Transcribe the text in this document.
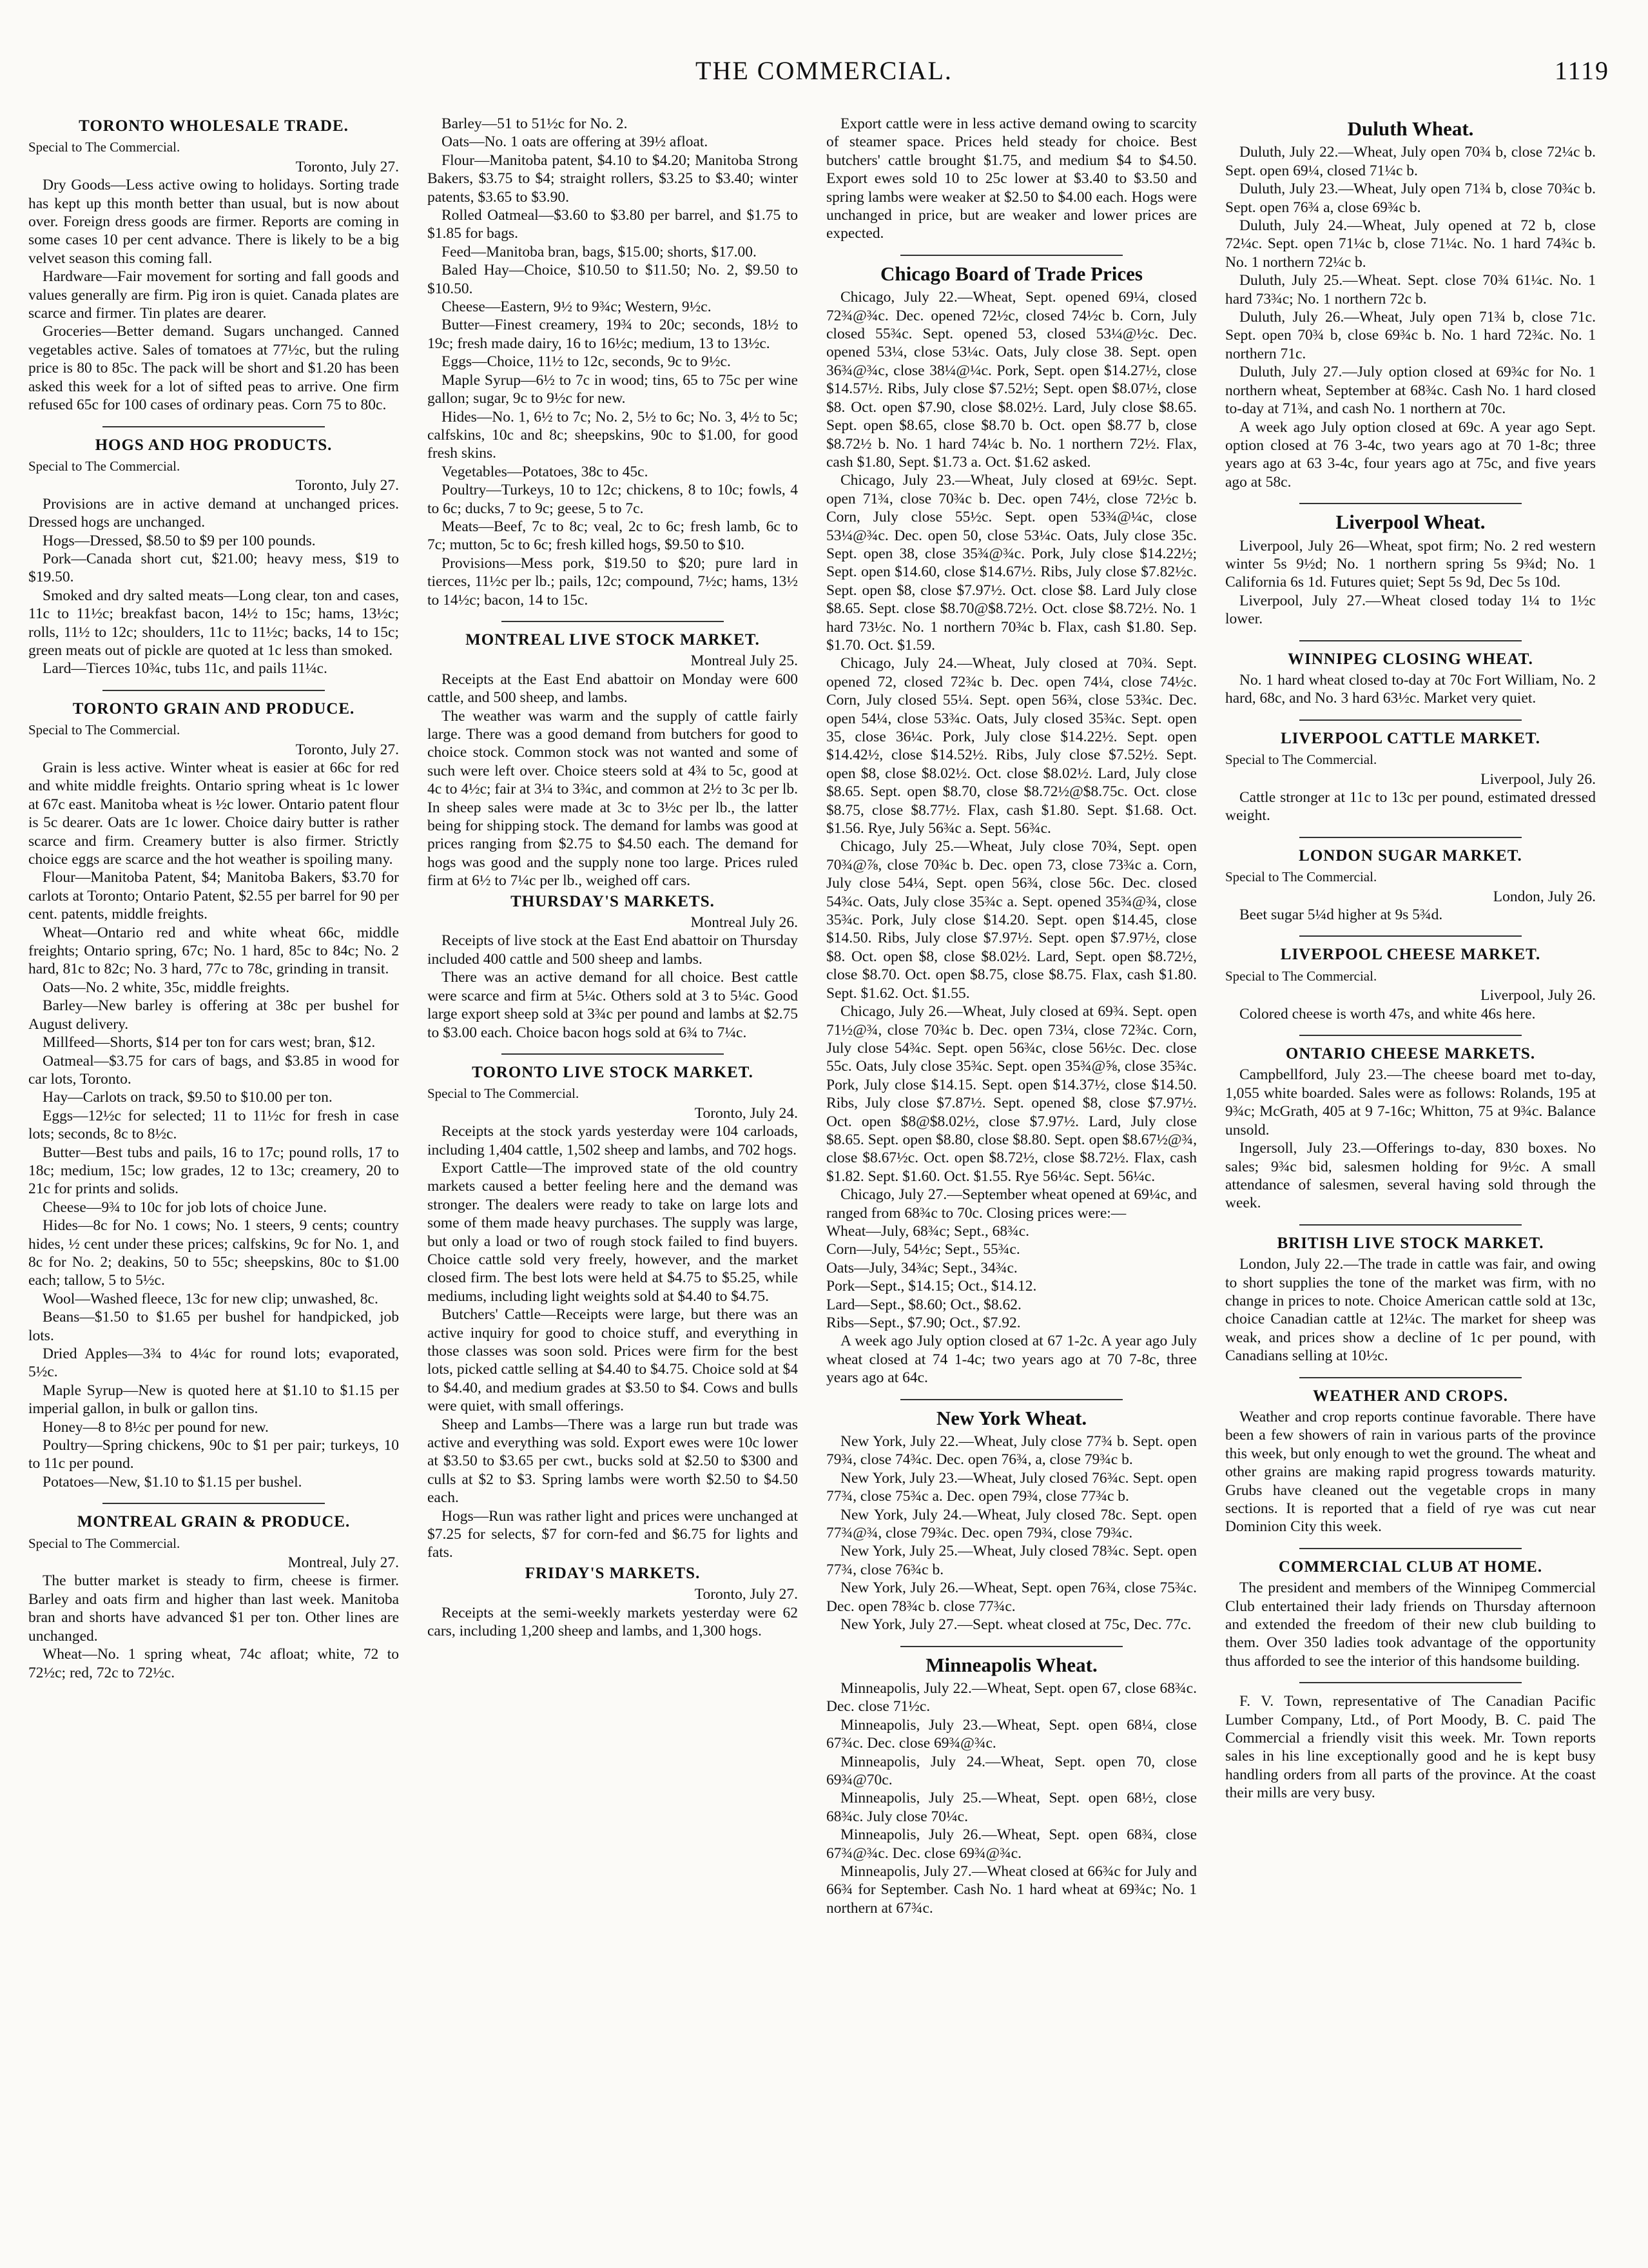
THE COMMERCIAL.	1119
TORONTO WHOLESALE TRADE.
Special to The Commercial.
Toronto, July 27.

Dry Goods—Less active owing to holidays. Sorting trade has kept up this month better than usual, but is now about over. Foreign dress goods are firmer. Reports are coming in some cases 10 per cent advance. There is likely to be a big velvet season this coming fall.

Hardware—Fair movement for sorting and fall goods and values generally are firm. Pig iron is quiet. Canada plates are scarce and firmer. Tin plates are dearer.

Groceries—Better demand. Sugars unchanged. Canned vegetables active. Sales of tomatoes at 77½c, but the ruling price is 80 to 85c. The pack will be short and $1.20 has been asked this week for a lot of sifted peas to arrive. One firm refused 65c for 100 cases of ordinary peas. Corn 75 to 80c.

HOGS AND HOG PRODUCTS.
Special to The Commercial.
Toronto, July 27.

Provisions are in active demand at unchanged prices. Dressed hogs are unchanged.

Hogs—Dressed, $8.50 to $9 per 100 pounds.

Pork—Canada short cut, $21.00; heavy mess, $19 to $19.50.

Smoked and dry salted meats—Long clear, ton and cases, 11c to 11½c; breakfast bacon, 14½ to 15c; hams, 13½c; rolls, 11½ to 12c; shoulders, 11c to 11½c; backs, 14 to 15c; green meats out of pickle are quoted at 1c less than smoked.

Lard—Tierces 10¾c, tubs 11c, and pails 11¼c.

TORONTO GRAIN AND PRODUCE.
Special to The Commercial.
Toronto, July 27.

Grain is less active. Winter wheat is easier at 66c for red and white middle freights. Ontario spring wheat is 1c lower at 67c east. Manitoba wheat is ½c lower. Ontario patent flour is 5c dearer. Oats are 1c lower. Choice dairy butter is rather scarce and firm. Creamery butter is also firmer. Strictly choice eggs are scarce and the hot weather is spoiling many.

Flour—Manitoba Patent, $4; Manitoba Bakers, $3.70 for carlots at Toronto; Ontario Patent, $2.55 per barrel for 90 per cent. patents, middle freights.

Wheat—Ontario red and white wheat 66c, middle freights; Ontario spring, 67c; No. 1 hard, 85c to 84c; No. 2 hard, 81c to 82c; No. 3 hard, 77c to 78c, grinding in transit.

Oats—No. 2 white, 35c, middle freights.

Barley—New barley is offering at 38c per bushel for August delivery.

Millfeed—Shorts, $14 per ton for cars west; bran, $12.

Oatmeal—$3.75 for cars of bags, and $3.85 in wood for car lots, Toronto.

Hay—Carlots on track, $9.50 to $10.00 per ton.

Eggs—12½c for selected; 11 to 11½c for fresh in case lots; seconds, 8c to 8½c.

Butter—Best tubs and pails, 16 to 17c; pound rolls, 17 to 18c; medium, 15c; low grades, 12 to 13c; creamery, 20 to 21c for prints and solids.

Cheese—9¾ to 10c for job lots of choice June.

Hides—8c for No. 1 cows; No. 1 steers, 9 cents; country hides, ½ cent under these prices; calfskins, 9c for No. 1, and 8c for No. 2; deakins, 50 to 55c; sheepskins, 80c to $1.00 each; tallow, 5 to 5½c.

Wool—Washed fleece, 13c for new clip; unwashed, 8c.

Beans—$1.50 to $1.65 per bushel for handpicked, job lots.

Dried Apples—3¾ to 4¼c for round lots; evaporated, 5½c.

Maple Syrup—New is quoted here at $1.10 to $1.15 per imperial gallon, in bulk or gallon tins.

Honey—8 to 8½c per pound for new.

Poultry—Spring chickens, 90c to $1 per pair; turkeys, 10 to 11c per pound.

Potatoes—New, $1.10 to $1.15 per bushel.

MONTREAL GRAIN & PRODUCE.
Special to The Commercial.
Montreal, July 27.

The butter market is steady to firm, cheese is firmer. Barley and oats firm and higher than last week. Manitoba bran and shorts have advanced $1 per ton. Other lines are unchanged.

Wheat—No. 1 spring wheat, 74c afloat; white, 72 to 72½c; red, 72c to 72½c.

Barley—51 to 51½c for No. 2.

Oats—No. 1 oats are offering at 39½ afloat.

Flour—Manitoba patent, $4.10 to $4.20; Manitoba Strong Bakers, $3.75 to $4; straight rollers, $3.25 to $3.40; winter patents, $3.65 to $3.90.

Rolled Oatmeal—$3.60 to $3.80 per barrel, and $1.75 to $1.85 for bags.

Feed—Manitoba bran, bags, $15.00; shorts, $17.00.

Baled Hay—Choice, $10.50 to $11.50; No. 2, $9.50 to $10.50.

Cheese—Eastern, 9½ to 9¾c; Western, 9½c.

Butter—Finest creamery, 19¾ to 20c; seconds, 18½ to 19c; fresh made dairy, 16 to 16½c; medium, 13 to 13½c.

Eggs—Choice, 11½ to 12c, seconds, 9c to 9½c.

Maple Syrup—6½ to 7c in wood; tins, 65 to 75c per wine gallon; sugar, 9c to 9½c for new.

Hides—No. 1, 6½ to 7c; No. 2, 5½ to 6c; No. 3, 4½ to 5c; calfskins, 10c and 8c; sheepskins, 90c to $1.00, for good fresh skins.

Vegetables—Potatoes, 38c to 45c.

Poultry—Turkeys, 10 to 12c; chickens, 8 to 10c; fowls, 4 to 6c; ducks, 7 to 9c; geese, 5 to 7c.

Meats—Beef, 7c to 8c; veal, 2c to 6c; fresh lamb, 6c to 7c; mutton, 5c to 6c; fresh killed hogs, $9.50 to $10.

Provisions—Mess pork, $19.50 to $20; pure lard in tierces, 11½c per lb.; pails, 12c; compound, 7½c; hams, 13½ to 14½c; bacon, 14 to 15c.

MONTREAL LIVE STOCK MARKET.
Montreal July 25.

Receipts at the East End abattoir on Monday were 600 cattle, and 500 sheep, and lambs.

The weather was warm and the supply of cattle fairly large. There was a good demand from butchers for good to choice stock. Common stock was not wanted and some of such were left over. Choice steers sold at 4¾ to 5c, good at 4c to 4½c; fair at 3¼ to 3¾c, and common at 2½ to 3c per lb. In sheep sales were made at 3c to 3½c per lb., the latter being for shipping stock. The demand for lambs was good at prices ranging from $2.75 to $4.50 each. The demand for hogs was good and the supply none too large. Prices ruled firm at 6½ to 7¼c per lb., weighed off cars.

THURSDAY'S MARKETS.
Montreal July 26.

Receipts of live stock at the East End abattoir on Thursday included 400 cattle and 500 sheep and lambs.

There was an active demand for all choice. Best cattle were scarce and firm at 5¼c. Others sold at 3 to 5¼c. Good large export sheep sold at 3¾c per pound and lambs at $2.75 to $3.00 each. Choice bacon hogs sold at 6¾ to 7¼c.

TORONTO LIVE STOCK MARKET.
Special to The Commercial.
Toronto, July 24.

Receipts at the stock yards yesterday were 104 carloads, including 1,404 cattle, 1,502 sheep and lambs, and 702 hogs.

Export Cattle—The improved state of the old country markets caused a better feeling here and the demand was stronger. The dealers were ready to take on large lots and some of them made heavy purchases. The supply was large, but only a load or two of rough stock failed to find buyers. Choice cattle sold very freely, however, and the market closed firm. The best lots were held at $4.75 to $5.25, while mediums, including light weights sold at $4.40 to $4.75.

Butchers' Cattle—Receipts were large, but there was an active inquiry for good to choice stuff, and everything in those classes was soon sold. Prices were firm for the best lots, picked cattle selling at $4.40 to $4.75. Choice sold at $4 to $4.40, and medium grades at $3.50 to $4. Cows and bulls were quiet, with small offerings.

Sheep and Lambs—There was a large run but trade was active and everything was sold. Export ewes were 10c lower at $3.50 to $3.65 per cwt., bucks sold at $2.50 to $300 and culls at $2 to $3. Spring lambs were worth $2.50 to $4.50 each.

Hogs—Run was rather light and prices were unchanged at $7.25 for selects, $7 for corn-fed and $6.75 for lights and fats.

FRIDAY'S MARKETS.
Toronto, July 27.

Receipts at the semi-weekly markets yesterday were 62 cars, including 1,200 sheep and lambs, and 1,300 hogs.

Export cattle were in less active demand owing to scarcity of steamer space. Prices held steady for choice. Best butchers' cattle brought $1.75, and medium $4 to $4.50. Export ewes sold 10 to 25c lower at $3.40 to $3.50 and spring lambs were weaker at $2.50 to $4.00 each. Hogs were unchanged in price, but are weaker and lower prices are expected.

Chicago Board of Trade Prices

Chicago, July 22.—Wheat, Sept. opened 69¼, closed 72¾@¾c. Dec. opened 72½c, closed 74½c b. Corn, July closed 55¾c. Sept. opened 53, closed 53¼@½c. Dec. opened 53¼, close 53¼c. Oats, July close 38. Sept. open 36¾@¾c, close 38¼@¼c. Pork, Sept. open $14.27½, close $14.57½. Ribs, July close $7.52½; Sept. open $8.07½, close $8. Oct. open $7.90, close $8.02½. Lard, July close $8.65. Sept. open $8.65, close $8.70 b. Oct. open $8.77 b, close $8.72½ b. No. 1 hard 74¼c b. No. 1 northern 72½. Flax, cash $1.80, Sept. $1.73 a. Oct. $1.62 asked.

Chicago, July 23.—Wheat, July closed at 69½c. Sept. open 71¾, close 70¾c b. Dec. open 74½, close 72½c b. Corn, July close 55½c. Sept. open 53¾@¼c, close 53¼@¾c. Dec. open 50, close 53¼c. Oats, July close 35c. Sept. open 38, close 35¾@¾c. Pork, July close $14.22½; Sept. open $14.60, close $14.67½. Ribs, July close $7.82½c. Sept. open $8, close $7.97½. Oct. close $8. Lard July close $8.65. Sept. close $8.70@$8.72½. Oct. close $8.72½. No. 1 hard 73½c. No. 1 northern 70¾c b. Flax, cash $1.80. Sep. $1.70. Oct. $1.59.

Chicago, July 24.—Wheat, July closed at 70¾. Sept. opened 72, closed 72¾c b. Dec. open 74¼, close 74½c. Corn, July closed 55¼. Sept. open 56¾, close 53¾c. Dec. open 54¼, close 53¾c. Oats, July closed 35¾c. Sept. open 35, close 36¼c. Pork, July close $14.22½. Sept. open $14.42½, close $14.52½. Ribs, July close $7.52½. Sept. open $8, close $8.02½. Oct. close $8.02½. Lard, July close $8.65. Sept. open $8.70, close $8.72½@$8.75c. Oct. close $8.75, close $8.77½. Flax, cash $1.80. Sept. $1.68. Oct. $1.56. Rye, July 56¾c a. Sept. 56¾c.

Chicago, July 25.—Wheat, July close 70¾, Sept. open 70¾@⅞, close 70¾c b. Dec. open 73, close 73¾c a. Corn, July close 54¼, Sept. open 56¾, close 56c. Dec. closed 54¾c. Oats, July close 35¾c a. Sept. opened 35¾@¾, close 35¾c. Pork, July close $14.20. Sept. open $14.45, close $14.50. Ribs, July close $7.97½. Sept. open $7.97½, close $8. Oct. open $8, close $8.02½. Lard, Sept. open $8.72½, close $8.70. Oct. open $8.75, close $8.75. Flax, cash $1.80. Sept. $1.62. Oct. $1.55.

Chicago, July 26.—Wheat, July closed at 69¾. Sept. open 71½@¾, close 70¾c b. Dec. open 73¼, close 72¾c. Corn, July close 54¾c. Sept. open 56¾c, close 56½c. Dec. close 55c. Oats, July close 35¾c. Sept. open 35¾@⅝, close 35¾c. Pork, July close $14.15. Sept. open $14.37½, close $14.50. Ribs, July close $7.87½. Sept. opened $8, close $7.97½. Oct. open $8@$8.02½, close $7.97½. Lard, July close $8.65. Sept. open $8.80, close $8.80. Sept. open $8.67½@¾, close $8.67½c. Oct. open $8.72½, close $8.72½. Flax, cash $1.82. Sept. $1.60. Oct. $1.55. Rye 56¼c. Sept. 56¼c.

Chicago, July 27.—September wheat opened at 69¼c, and ranged from 68¾c to 70c. Closing prices were:—

Wheat—July, 68¾c; Sept., 68¾c.

Corn—July, 54½c; Sept., 55¾c.

Oats—July, 34¾c; Sept., 34¾c.

Pork—Sept., $14.15; Oct., $14.12.

Lard—Sept., $8.60; Oct., $8.62.

Ribs—Sept., $7.90; Oct., $7.92.

A week ago July option closed at 67 1-2c. A year ago July wheat closed at 74 1-4c; two years ago at 70 7-8c, three years ago at 64c.

New York Wheat.

New York, July 22.—Wheat, July close 77¾ b. Sept. open 79¾, close 74¾c. Dec. open 76¾, a, close 79¾c b.

New York, July 23.—Wheat, July closed 76¾c. Sept. open 77¾, close 75¾c a. Dec. open 79¾, close 77¾c b.

New York, July 24.—Wheat, July closed 78c. Sept. open 77¾@¾, close 79¾c. Dec. open 79¾, close 79¾c.

New York, July 25.—Wheat, July closed 78¾c. Sept. open 77¾, close 76¾c b.

New York, July 26.—Wheat, Sept. open 76¾, close 75¾c. Dec. open 78¾c b. close 77¾c.

New York, July 27.—Sept. wheat closed at 75c, Dec. 77c.

Minneapolis Wheat.

Minneapolis, July 22.—Wheat, Sept. open 67, close 68¾c. Dec. close 71½c.

Minneapolis, July 23.—Wheat, Sept. open 68¼, close 67¾c. Dec. close 69¾@¾c.

Minneapolis, July 24.—Wheat, Sept. open 70, close 69¾@70c.

Minneapolis, July 25.—Wheat, Sept. open 68½, close 68¾c. July close 70¼c.

Minneapolis, July 26.—Wheat, Sept. open 68¾, close 67¾@¾c. Dec. close 69¾@¾c.

Minneapolis, July 27.—Wheat closed at 66¾c for July and 66¾ for September. Cash No. 1 hard wheat at 69¾c; No. 1 northern at 67¾c.

Duluth Wheat.

Duluth, July 22.—Wheat, July open 70¾ b, close 72¼c b. Sept. open 69¼, closed 71¼c b.

Duluth, July 23.—Wheat, July open 71¾ b, close 70¾c b. Sept. open 76¾ a, close 69¾c b.

Duluth, July 24.—Wheat, July opened at 72 b, close 72¼c. Sept. open 71¼c b, close 71¼c. No. 1 hard 74¾c b. No. 1 northern 72¼c b.

Duluth, July 25.—Wheat. Sept. close 70¾ 61¼c. No. 1 hard 73¾c; No. 1 northern 72c b.

Duluth, July 26.—Wheat, July open 71¾ b, close 71c. Sept. open 70¾ b, close 69¾c b. No. 1 hard 72¾c. No. 1 northern 71c.

Duluth, July 27.—July option closed at 69¾c for No. 1 northern wheat, September at 68¾c. Cash No. 1 hard closed to-day at 71¾, and cash No. 1 northern at 70c.

A week ago July option closed at 69c. A year ago Sept. option closed at 76 3-4c, two years ago at 70 1-8c; three years ago at 63 3-4c, four years ago at 75c, and five years ago at 58c.

Liverpool Wheat.

Liverpool, July 26—Wheat, spot firm; No. 2 red western winter 5s 9½d; No. 1 northern spring 5s 9¾d; No. 1 California 6s 1d. Futures quiet; Sept 5s 9d, Dec 5s 10d.

Liverpool, July 27.—Wheat closed today 1¼ to 1½c lower.

WINNIPEG CLOSING WHEAT.

No. 1 hard wheat closed to-day at 70c Fort William, No. 2 hard, 68c, and No. 3 hard 63½c. Market very quiet.

LIVERPOOL CATTLE MARKET.
Special to The Commercial.
Liverpool, July 26.

Cattle stronger at 11c to 13c per pound, estimated dressed weight.

LONDON SUGAR MARKET.
Special to The Commercial.
London, July 26.

Beet sugar 5¼d higher at 9s 5¾d.

LIVERPOOL CHEESE MARKET.
Special to The Commercial.
Liverpool, July 26.

Colored cheese is worth 47s, and white 46s here.

ONTARIO CHEESE MARKETS.

Campbellford, July 23.—The cheese board met to-day, 1,055 white boarded. Sales were as follows: Rolands, 195 at 9¾c; McGrath, 405 at 9 7-16c; Whitton, 75 at 9¾c. Balance unsold.

Ingersoll, July 23.—Offerings to-day, 830 boxes. No sales; 9¾c bid, salesmen holding for 9½c. A small attendance of salesmen, several having sold through the week.

BRITISH LIVE STOCK MARKET.

London, July 22.—The trade in cattle was fair, and owing to short supplies the tone of the market was firm, with no change in prices to note. Choice American cattle sold at 13c, choice Canadian cattle at 12¼c. The market for sheep was weak, and prices show a decline of 1c per pound, with Canadians selling at 10½c.

WEATHER AND CROPS.

Weather and crop reports continue favorable. There have been a few showers of rain in various parts of the province this week, but only enough to wet the ground. The wheat and other grains are making rapid progress towards maturity. Grubs have cleaned out the vegetable crops in many sections. It is reported that a field of rye was cut near Dominion City this week.

COMMERCIAL CLUB AT HOME.

The president and members of the Winnipeg Commercial Club entertained their lady friends on Thursday afternoon and extended the freedom of their new club building to them. Over 350 ladies took advantage of the opportunity thus afforded to see the interior of this handsome building.

F. V. Town, representative of The Canadian Pacific Lumber Company, Ltd., of Port Moody, B. C. paid The Commercial a friendly visit this week. Mr. Town reports sales in his line exceptionally good and he is kept busy handling orders from all parts of the province. At the coast their mills are very busy.
